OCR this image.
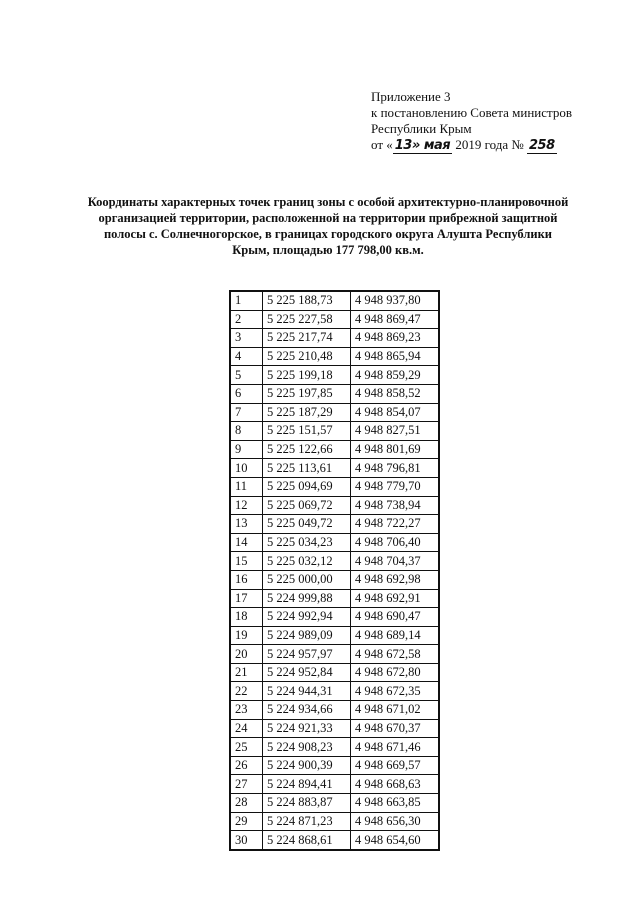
Приложение 3
к постановлению Совета министров
Республики Крым
от « 13» мая 2019 года № 258
Координаты характерных точек границ зоны с особой архитектурно-планировочной
организацией территории, расположенной на территории прибрежной защитной
полосы с. Солнечногорское, в границах городского округа Алушта Республики
Крым, площадью 177 798,00 кв.м.
1	5 225 188,73	4 948 937,80
2	5 225 227,58	4 948 869,47
3	5 225 217,74	4 948 869,23
4	5 225 210,48	4 948 865,94
5	5 225 199,18	4 948 859,29
6	5 225 197,85	4 948 858,52
7	5 225 187,29	4 948 854,07
8	5 225 151,57	4 948 827,51
9	5 225 122,66	4 948 801,69
10	5 225 113,61	4 948 796,81
11	5 225 094,69	4 948 779,70
12	5 225 069,72	4 948 738,94
13	5 225 049,72	4 948 722,27
14	5 225 034,23	4 948 706,40
15	5 225 032,12	4 948 704,37
16	5 225 000,00	4 948 692,98
17	5 224 999,88	4 948 692,91
18	5 224 992,94	4 948 690,47
19	5 224 989,09	4 948 689,14
20	5 224 957,97	4 948 672,58
21	5 224 952,84	4 948 672,80
22	5 224 944,31	4 948 672,35
23	5 224 934,66	4 948 671,02
24	5 224 921,33	4 948 670,37
25	5 224 908,23	4 948 671,46
26	5 224 900,39	4 948 669,57
27	5 224 894,41	4 948 668,63
28	5 224 883,87	4 948 663,85
29	5 224 871,23	4 948 656,30
30	5 224 868,61	4 948 654,60
